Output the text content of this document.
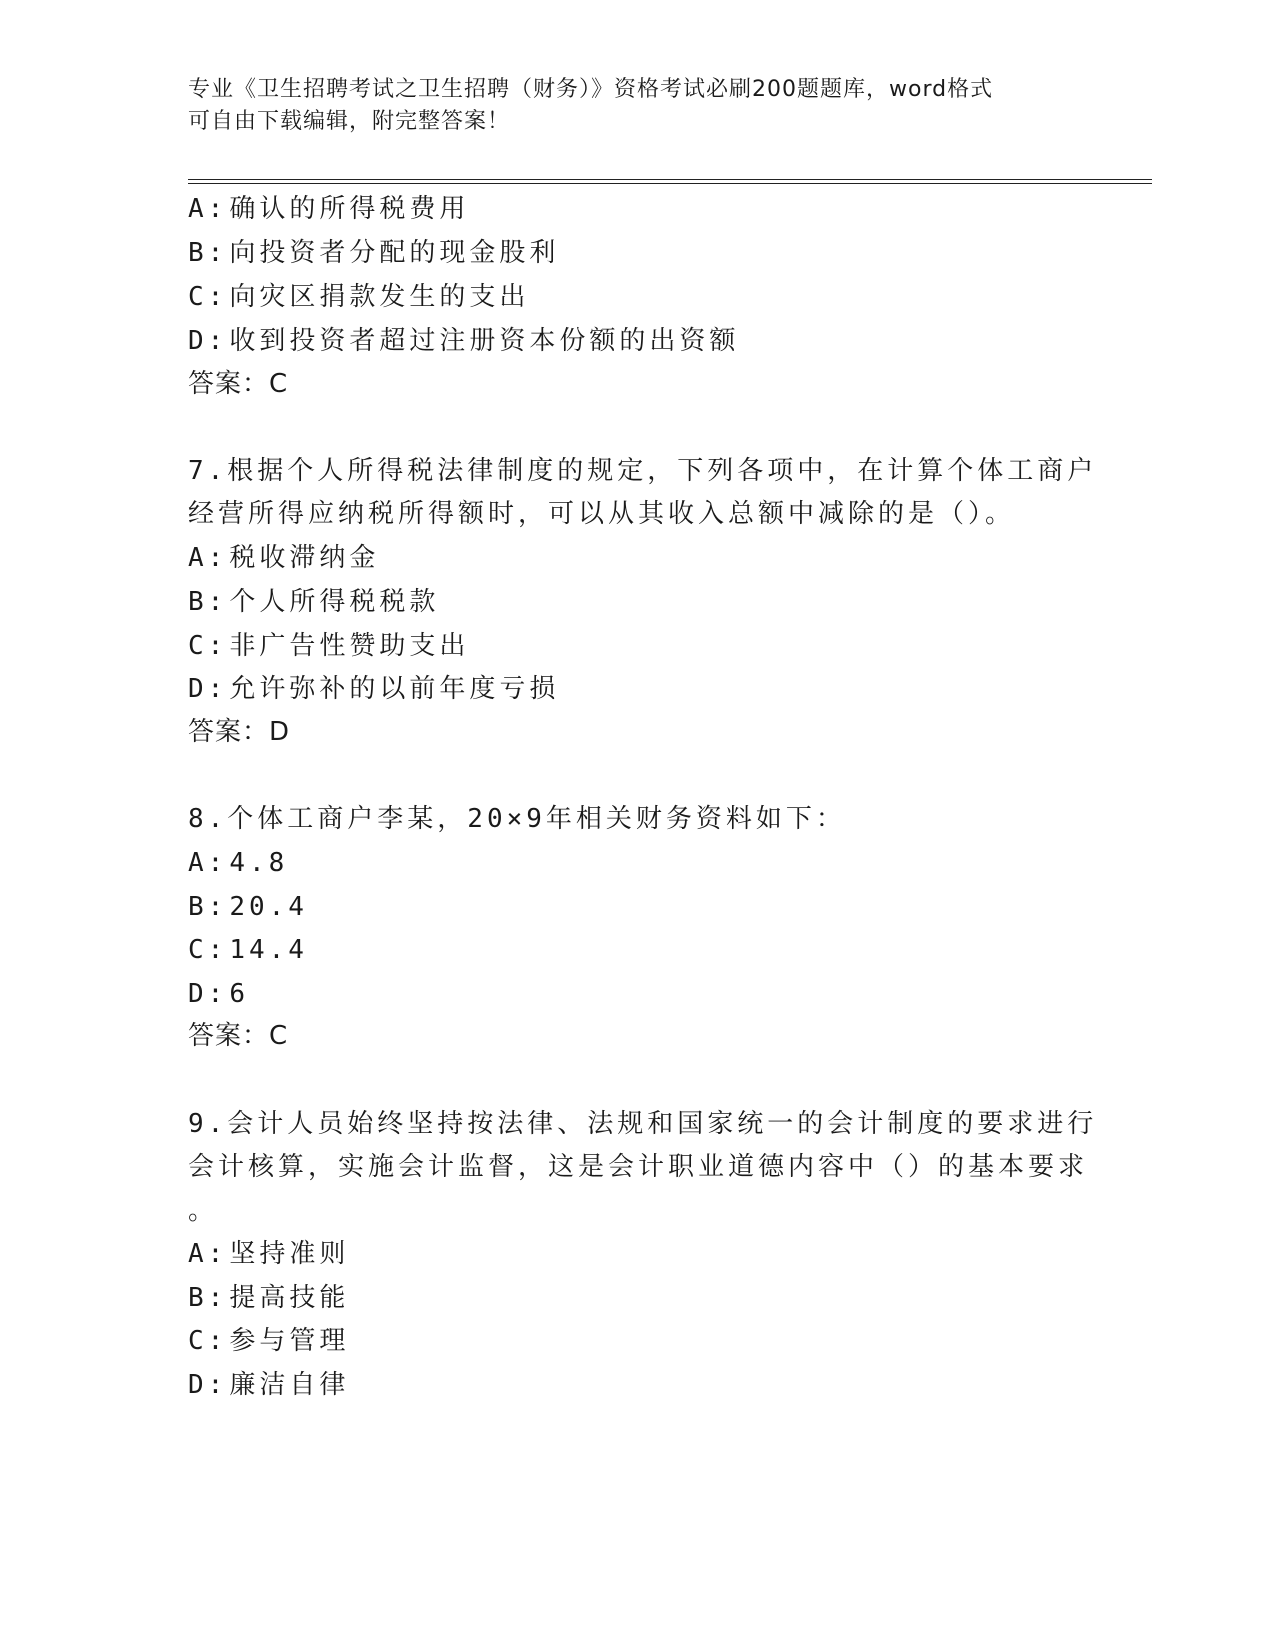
专业《卫生招聘考试之卫生招聘（财务）》资格考试必刷200题题库，word格式
可自由下载编辑，附完整答案！
A:确认的所得税费用
B:向投资者分配的现金股利
C:向灾区捐款发生的支出
D:收到投资者超过注册资本份额的出资额
答案：C
7.根据个人所得税法律制度的规定，下列各项中，在计算个体工商户
经营所得应纳税所得额时，可以从其收入总额中减除的是（）。
A:税收滞纳金
B:个人所得税税款
C:非广告性赞助支出
D:允许弥补的以前年度亏损
答案：D
8.个体工商户李某，20×9年相关财务资料如下：
A:4.8
B:20.4
C:14.4
D:6
答案：C
9.会计人员始终坚持按法律、法规和国家统一的会计制度的要求进行
会计核算，实施会计监督，这是会计职业道德内容中（）的基本要求
。
A:坚持准则
B:提高技能
C:参与管理
D:廉洁自律
